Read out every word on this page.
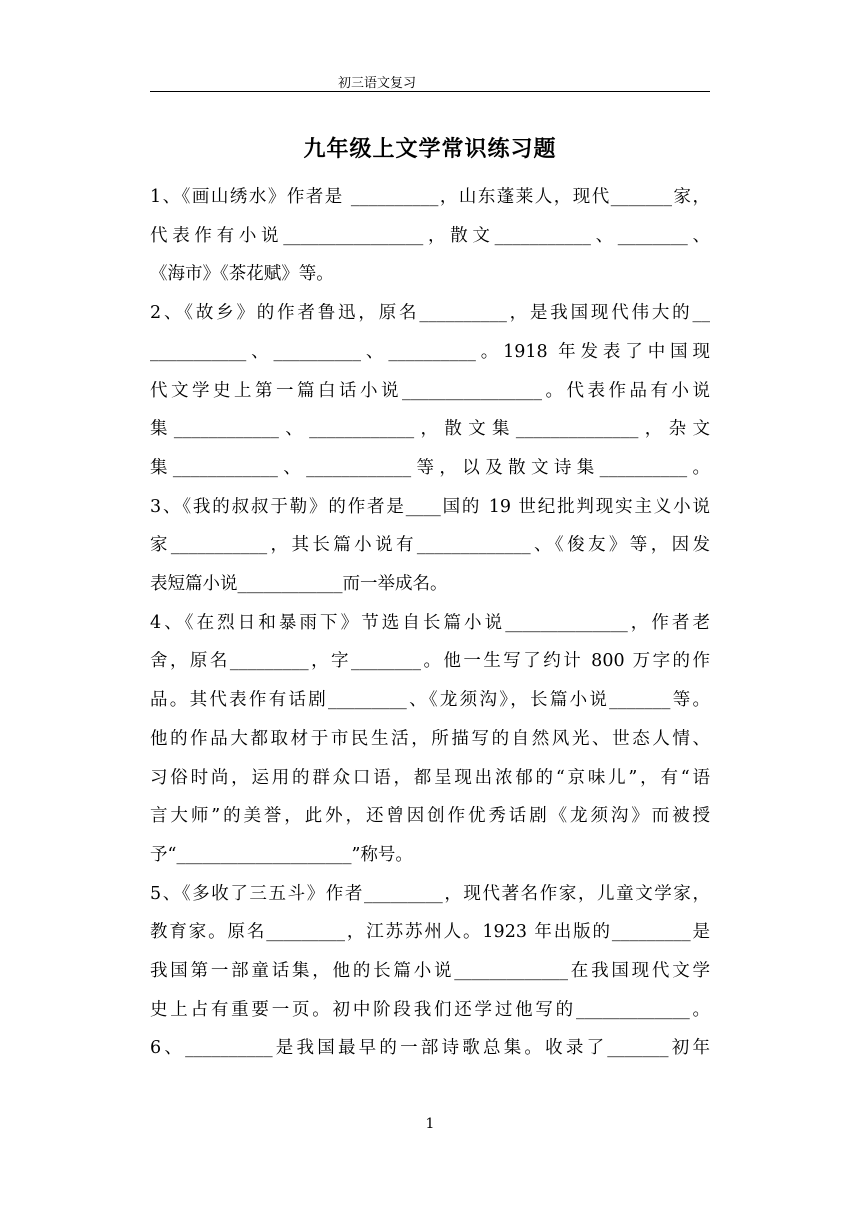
初三语文复习
九年级上文学常识练习题
1、《画山绣水》作者是 __________，山东蓬莱人，现代_______家，
代表作有小说________________，散文___________、________、
《海市》《茶花赋》等。
2、《故乡》的作者鲁迅，原名__________，是我国现代伟大的__
___________、__________、__________。1918 年发表了中国现
代文学史上第一篇白话小说________________。代表作品有小说
集____________、____________，散文集______________，杂文
集____________、____________等，以及散文诗集__________。
3、《我的叔叔于勒》的作者是____国的 19 世纪批判现实主义小说
家___________，其长篇小说有_____________、《俊友》等，因发
表短篇小说____________而一举成名。
4、《在烈日和暴雨下》节选自长篇小说______________，作者老
舍，原名_________，字________。他一生写了约计 800 万字的作
品。其代表作有话剧_________、《龙须沟》，长篇小说_______等。
他的作品大都取材于市民生活，所描写的自然风光、世态人情、
习俗时尚，运用的群众口语，都呈现出浓郁的“京味儿”，有“语
言大师”的美誉，此外，还曾因创作优秀话剧《龙须沟》而被授
予“____________________”称号。
5、《多收了三五斗》作者_________，现代著名作家，儿童文学家，
教育家。原名_________，江苏苏州人。1923 年出版的_________是
我国第一部童话集，他的长篇小说_____________在我国现代文学
史上占有重要一页。初中阶段我们还学过他写的_____________。
6、__________是我国最早的一部诗歌总集。收录了_______初年
1
